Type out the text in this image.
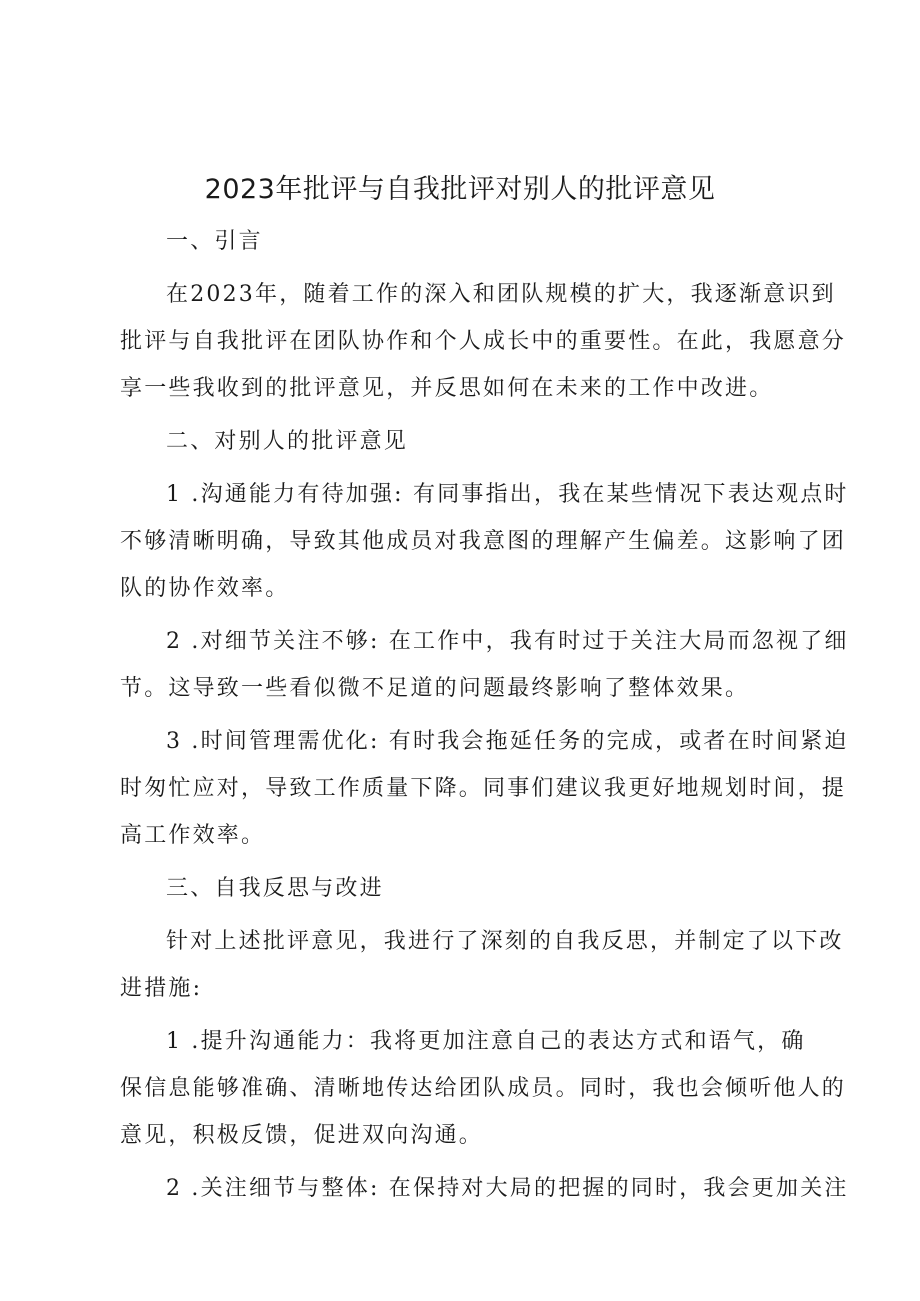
2023年批评与自我批评对别人的批评意见

一、引言

在2023年，随着工作的深入和团队规模的扩大，我逐渐意识到
批评与自我批评在团队协作和个人成长中的重要性。在此，我愿意分
享一些我收到的批评意见，并反思如何在未来的工作中改进。

二、对别人的批评意见

1 .沟通能力有待加强: 有同事指出，我在某些情况下表达观点时
不够清晰明确，导致其他成员对我意图的理解产生偏差。这影响了团
队的协作效率。

2 .对细节关注不够: 在工作中，我有时过于关注大局而忽视了细
节。这导致一些看似微不足道的问题最终影响了整体效果。

3 .时间管理需优化: 有时我会拖延任务的完成，或者在时间紧迫
时匆忙应对，导致工作质量下降。同事们建议我更好地规划时间，提
高工作效率。

三、自我反思与改进

针对上述批评意见，我进行了深刻的自我反思，并制定了以下改
进措施:

1 .提升沟通能力：我将更加注意自己的表达方式和语气，确
保信息能够准确、清晰地传达给团队成员。同时，我也会倾听他人的
意见，积极反馈，促进双向沟通。

2 .关注细节与整体: 在保持对大局的把握的同时，我会更加关注
